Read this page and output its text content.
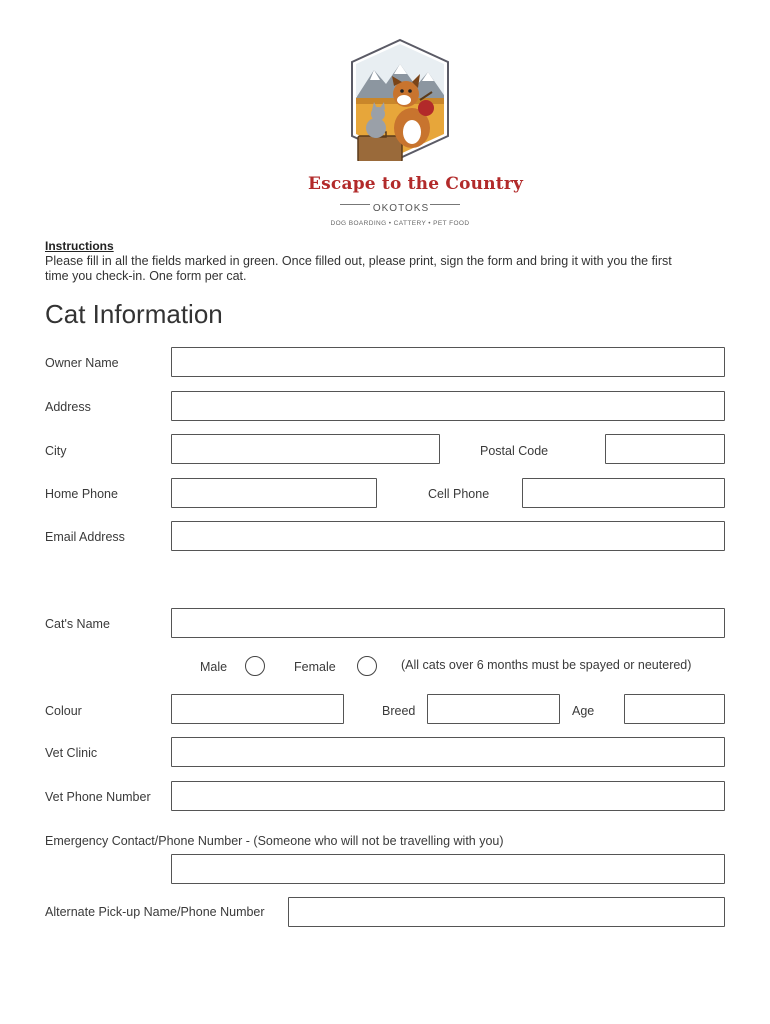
Escape to the Country
OKOTOKS
DOG BOARDING • CATTERY • PET FOOD
Instructions
Please fill in all the fields marked in green. Once filled out, please print, sign the form and bring it with you the first time you check-in. One form per cat.
Cat Information
Owner Name
Address
City	Postal Code
Home Phone	Cell Phone
Email Address
Cat's Name
Male	Female	(All cats over 6 months must be spayed or neutered)
Colour	Breed	Age
Vet Clinic
Vet Phone Number
Emergency Contact/Phone Number - (Someone who will not be travelling with you)
Alternate Pick-up Name/Phone Number
